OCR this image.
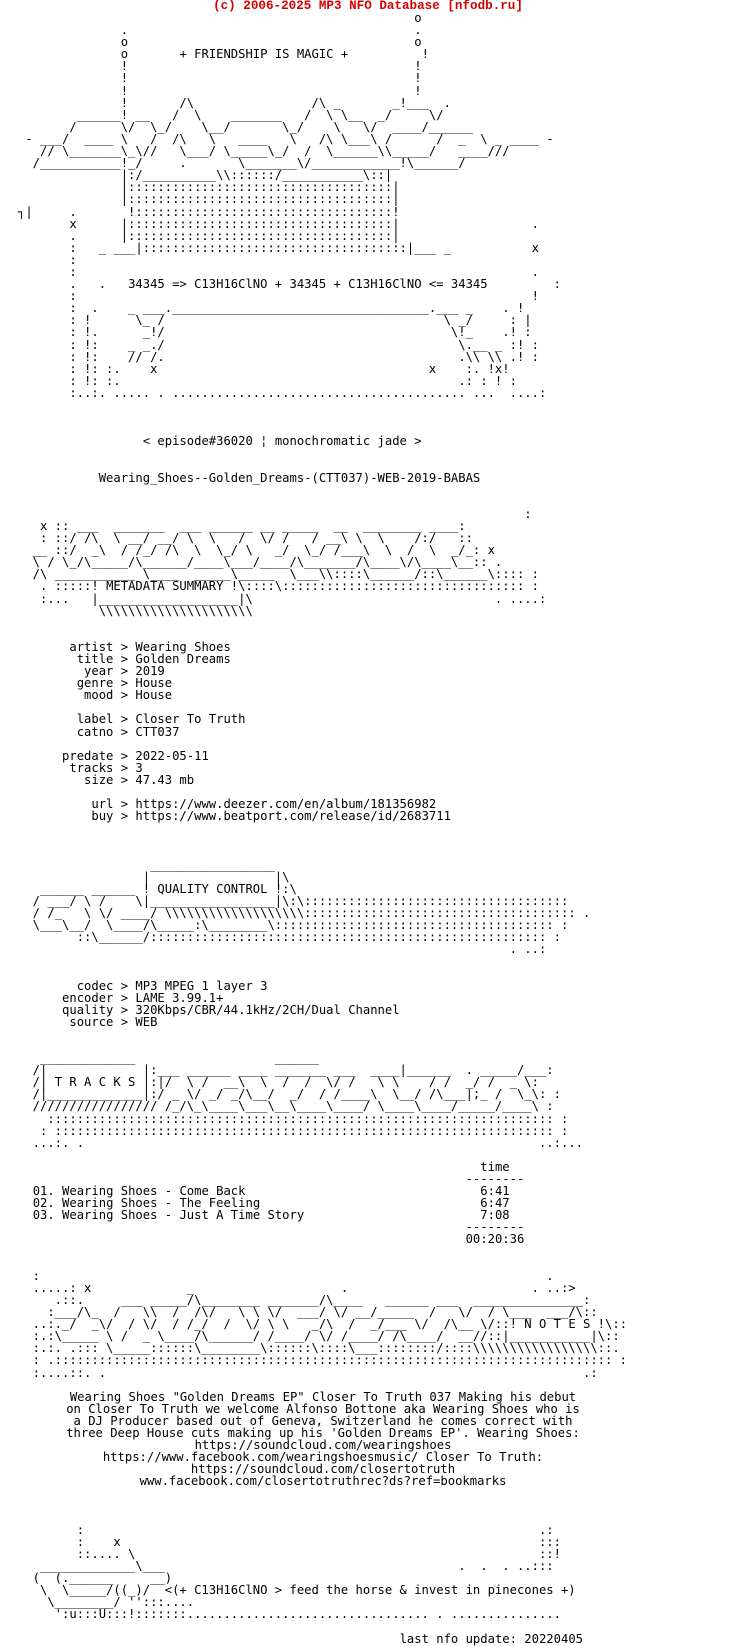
(c) 2006-2025 MP3 NFO Database [nfodb.ru]
o
.                                       .
o                                       o
o       + FRIENDSHIP IS MAGIC +          !
!                                       !
!                                       !
!                                       !
!       /\                /\ _       _!___  .
______! __   /  \    _______   /  \ \__  _/     \/
/      \/  \_/    \__/       \_/    \   \/  ____/______
- ___/  ____ \   /  /\   \   ____   \   /\ \___\ /      /  _  \ _ ____ -
// \_______\_\//   \___/ \_____\_/  /  \______\\_____/   ____///
/___________!_/     .       \_______\/____________!\______/
|:/__________\\::::::/___________\::|
|::::::::::::::::::::::::::::::::::::|
|::::::::::::::::::::::::::::::::::::|
┐|     .       !:::::::::::::::::::::::::::::::::::!
x      |::::::::::::::::::::::::::::::::::::|                  .
.      |::::::::::::::::::::::::::::::::::::|
:   _ ___|::::::::::::::::::::::::::::::::::::|___ _           x
:
:                                                              .
.   .   34345 => C13H16ClNO + 34345 + C13H16ClNO <= 34345         :
:                                                              !
:  .    _ ___.___________________________________.___ _    . !
: !      \_ /                                      \ _/     : |
: !.      _!/                                       \!_    .! :
: !:    _ _./                                        \.__ _ :! :
: !:    // /.                                        .\\ \\ .! :
: !: :.    x                                     x    :. !x!
: !: :.                                              .: : ! :
:..:. ..... . ........................................ ...  ....:

< episode#36020 ¦ monochromatic jade >

Wearing_Shoes--Golden_Dreams-(CTT037)-WEB-2019-BABAS

:
x :: ___  _______  ___ ______ __ _____  __  ________ ____:
: ::/ /\  \ __/ __/ \  \   /  \/ /   / __\ \  \    /:/   ::
__ ::/  _\  / /_/ /\  \  \_/ \   _/  \_/ /___\  \  /  \  _/_: x
\ / \_/\_____/\______/____\___/____/\_______/\____\/\____\__:: .
/\ ___________ \____  _____\_____  \___\\::::\______/::\______\:::: :
. :::::! METADATA SUMMARY !\::::\::::::::::::::::::::::::::::::::: :
:...   |___________________|\                                 . ....:
\\\\\\\\\\\\\\\\\\\\\

artist > Wearing Shoes
title > Golden Dreams
year > 2019
genre > House
mood > House

label > Closer To Truth
catno > CTT037

predate > 2022-05-11
tracks > 3
size > 47.43 mb

url > https://www.deezer.com/en/album/181356982
buy > https://www.beatport.com/release/id/2683711

_________________
|                 |\
______ ______ ! QUALITY CONTROL !:\
/ ___/ \ /    \|_________________|\:\::::::::::::::::::::::::::::::::::::
/ /_   \ \/ ____/ \\\\\\\\\\\\\\\\\\\::::::::::::::::::::::::::::::::::::: .
\___\__/  \____/\_____:\________\:::::::::::::::::::::::::::::::::::::: :
::\______/:::::::::::::::::::::::::::::::::::::::::::::::::::::: :
. ..:

codec > MP3 MPEG 1 layer 3
encoder > LAME 3.99.1+
quality > 320Kbps/CBR/44.1kHz/2CH/Dual Channel
source > WEB

_____________                   ______
/|             |:___ ______ ____ _______ ___  ____|______  . _____/___:
/| T R A C K S |:|/  \ /  __\  \  /  /  \/ /   \ \    / /  _/ /  _ \:
/|_____________|:/ _ \/ _/ _/\__/  _/  / /____\  \__/ /\___|;_ /  \_\: :
///////////////// /_/\_\____\___\__\____\____/ \____\____/_____/____\ :
::::::::::::::::::::::::::::::::::::::::::::::::::::::::::::::::::::: :
: :::::::::::::::::::::::::::::::::::::::::::::::::::::::::::::::::::: :
...:. .                                                              ..:...

time
--------
01. Wearing Shoes - Come Back	6:41
02. Wearing Shoes - The Feeling	6:47
03. Wearing Shoes - Just A Time Story	7:08
--------
00:20:36

:                                                                     .
.....: x             _                    .                         . ..:>
.::.     ___ _____/\________ _______/\____   ______ ___  _______________:
:___/\_  /   \\  /  /\/   \ \ \/  ___/ \/ __/_____  /   \/  / \___  ___/\::
..:._/  _\/  / \/  / /_/  /  \/ \ \   _/\  /  _/___ \/  /\__ \/::! N O T E S !\::
:.:\_____ \ /  _ \____/\______/ /____/ \/ /____/ /\____/  __//::|___________|\::
:.:. .::: \_____::::::\________\::::::\::::\___::::::::/::::\\\\\\\\\\\\\\\\\::.
: .:::::::::::::::::::::::::::::::::::::::::::::::::::::::::::::::::::::::::::: :
:....::. .                                                                 .:

Wearing Shoes "Golden Dreams EP" Closer To Truth 037 Making his debut
on Closer To Truth we welcome Alfonso Bottone aka Wearing Shoes who is
a DJ Producer based out of Geneva, Switzerland he comes correct with
three Deep House cuts making up his 'Golden Dreams EP'. Wearing Shoes:
https://soundcloud.com/wearingshoes
https://www.facebook.com/wearingshoesmusic/ Closer To Truth:
https://soundcloud.com/closertotruth
www.facebook.com/closertotruthrec?ds?ref=bookmarks

:                                                              .:
:    x                                                         :::
::.... \                                                       ::!
_____________\___                                        .  .  . ..:::
(  (.______     __)
\  \_____/((_)/  <(+ C13H16ClNO > feed the horse & invest in pinecones +)
\________/ '':::....
':u:::U:::!:::::::................................. . ...............

last nfo update: 20220405
